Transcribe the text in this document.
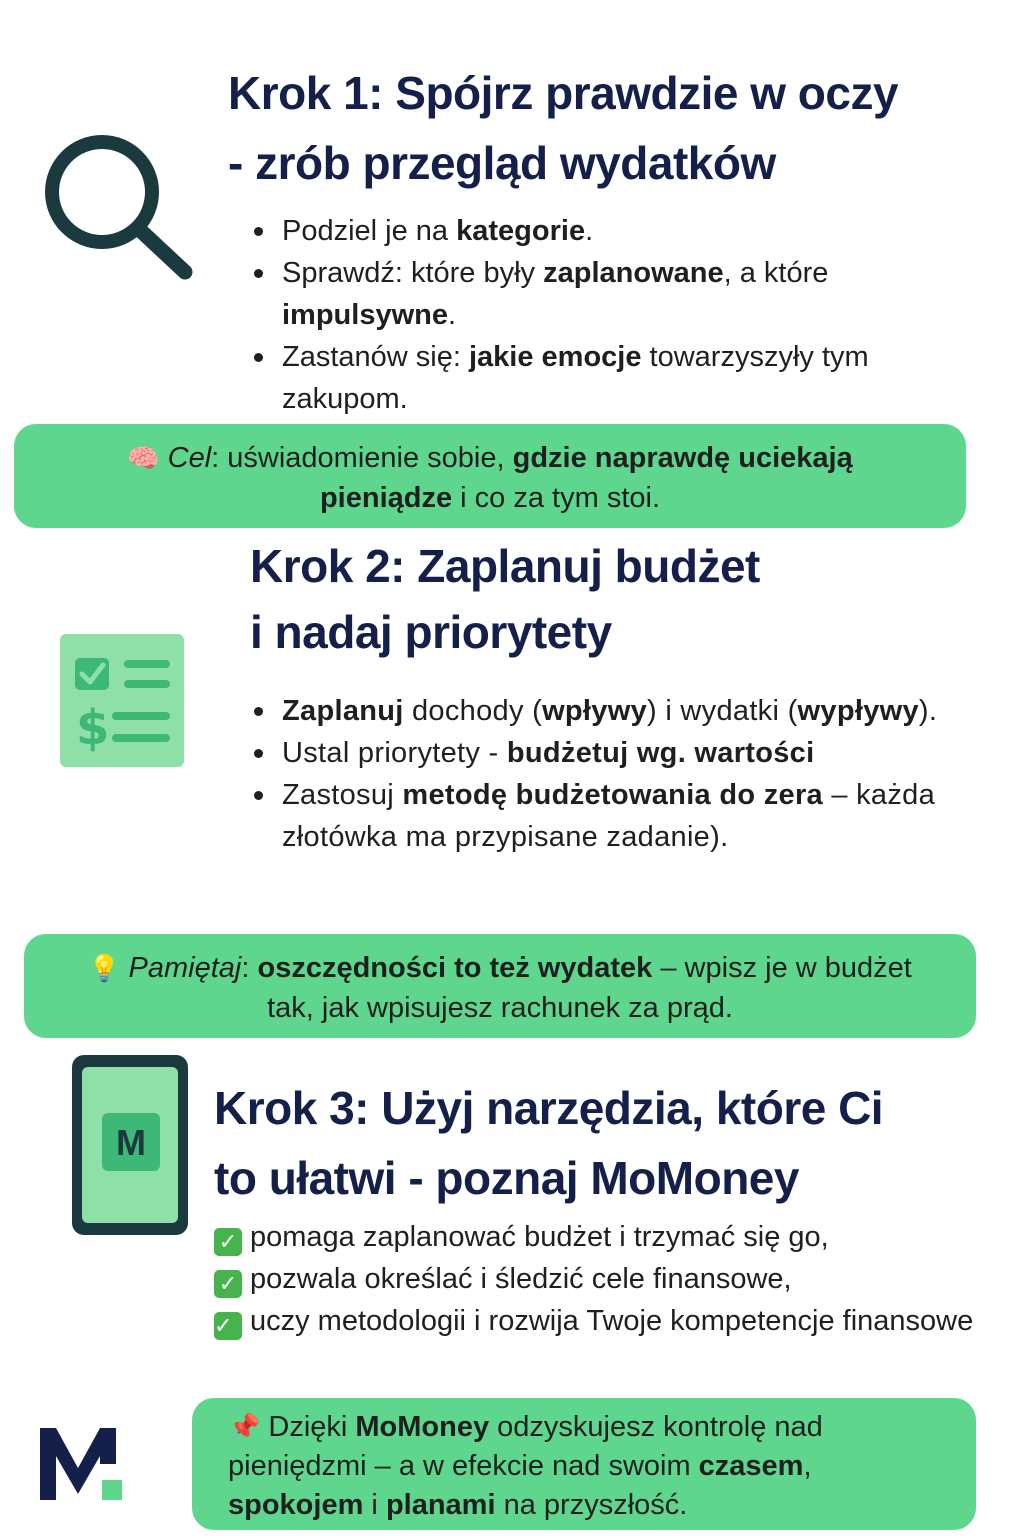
Krok 1: Spójrz prawdzie w oczy
- zrób przegląd wydatków
Podziel je na kategorie.
Sprawdź: które były zaplanowane, a które impulsywne.
Zastanów się: jakie emocje towarzyszyły tym zakupom.
🧠 Cel: uświadomienie sobie, gdzie naprawdę uciekają pieniądze i co za tym stoi.
Krok 2: Zaplanuj budżet
i nadaj priorytety
$	Zaplanuj dochody (wpływy) i wydatki (wypływy).
Ustal priorytety - budżetuj wg. wartości
Zastosuj metodę budżetowania do zera – każda złotówka ma przypisane zadanie).
💡 Pamiętaj: oszczędności to też wydatek – wpisz je w budżet tak, jak wpisujesz rachunek za prąd.
M
Krok 3: Użyj narzędzia, które Ci
to ułatwi - poznaj MoMoney
✓ pomaga zaplanować budżet i trzymać się go,
✓ pozwala określać i śledzić cele finansowe,
✓ uczy metodologii i rozwija Twoje kompetencje finansowe
📌 Dzięki MoMoney odzyskujesz kontrolę nad pieniędzmi – a w efekcie nad swoim czasem, spokojem i planami na przyszłość.
